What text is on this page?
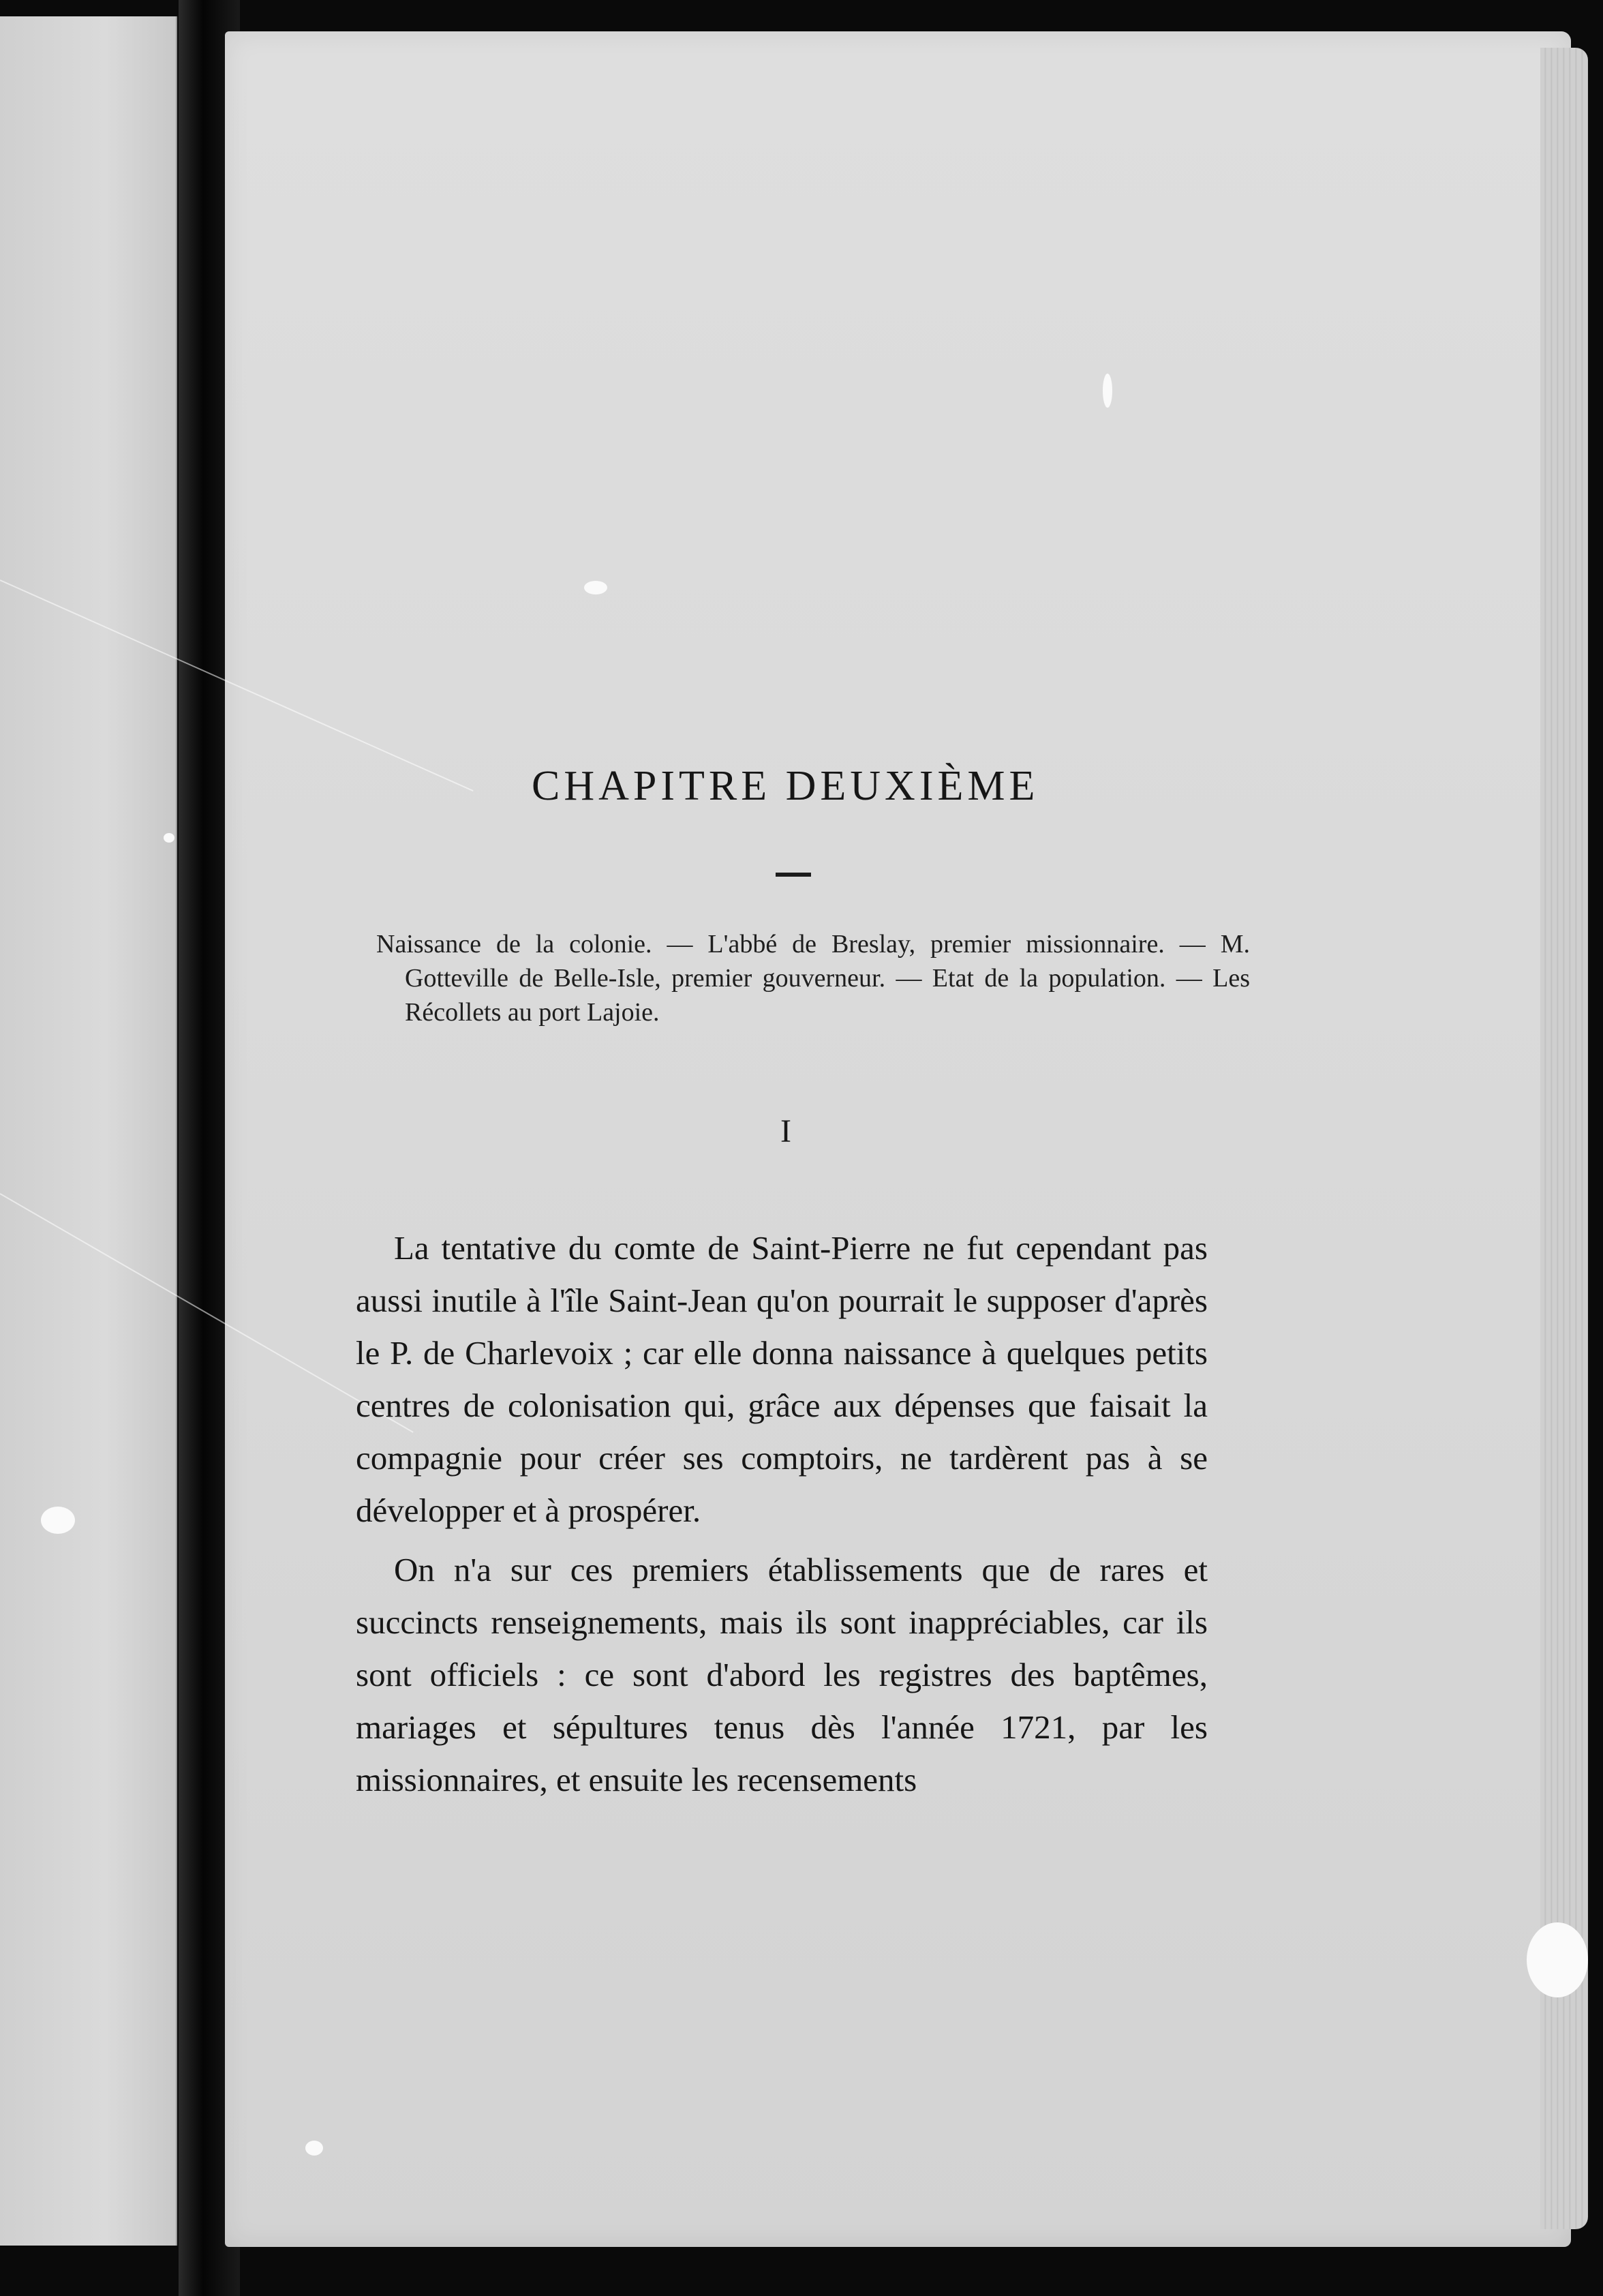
CHAPITRE DEUXIÈME

Naissance de la colonie. — L'abbé de Breslay, premier missionnaire. — M. Gotteville de Belle-Isle, premier gouverneur. — Etat de la population. — Les Récollets au port Lajoie.

I

La tentative du comte de Saint-Pierre ne fut cependant pas aussi inutile à l'île Saint-Jean qu'on pourrait le supposer d'après le P. de Charlevoix ; car elle donna naissance à quelques petits centres de colonisation qui, grâce aux dépenses que faisait la compagnie pour créer ses comptoirs, ne tardèrent pas à se développer et à prospérer.

On n'a sur ces premiers établissements que de rares et succincts renseignements, mais ils sont inappréciables, car ils sont officiels : ce sont d'abord les registres des baptêmes, mariages et sépultures tenus dès l'année 1721, par les missionnaires, et ensuite les recensements
